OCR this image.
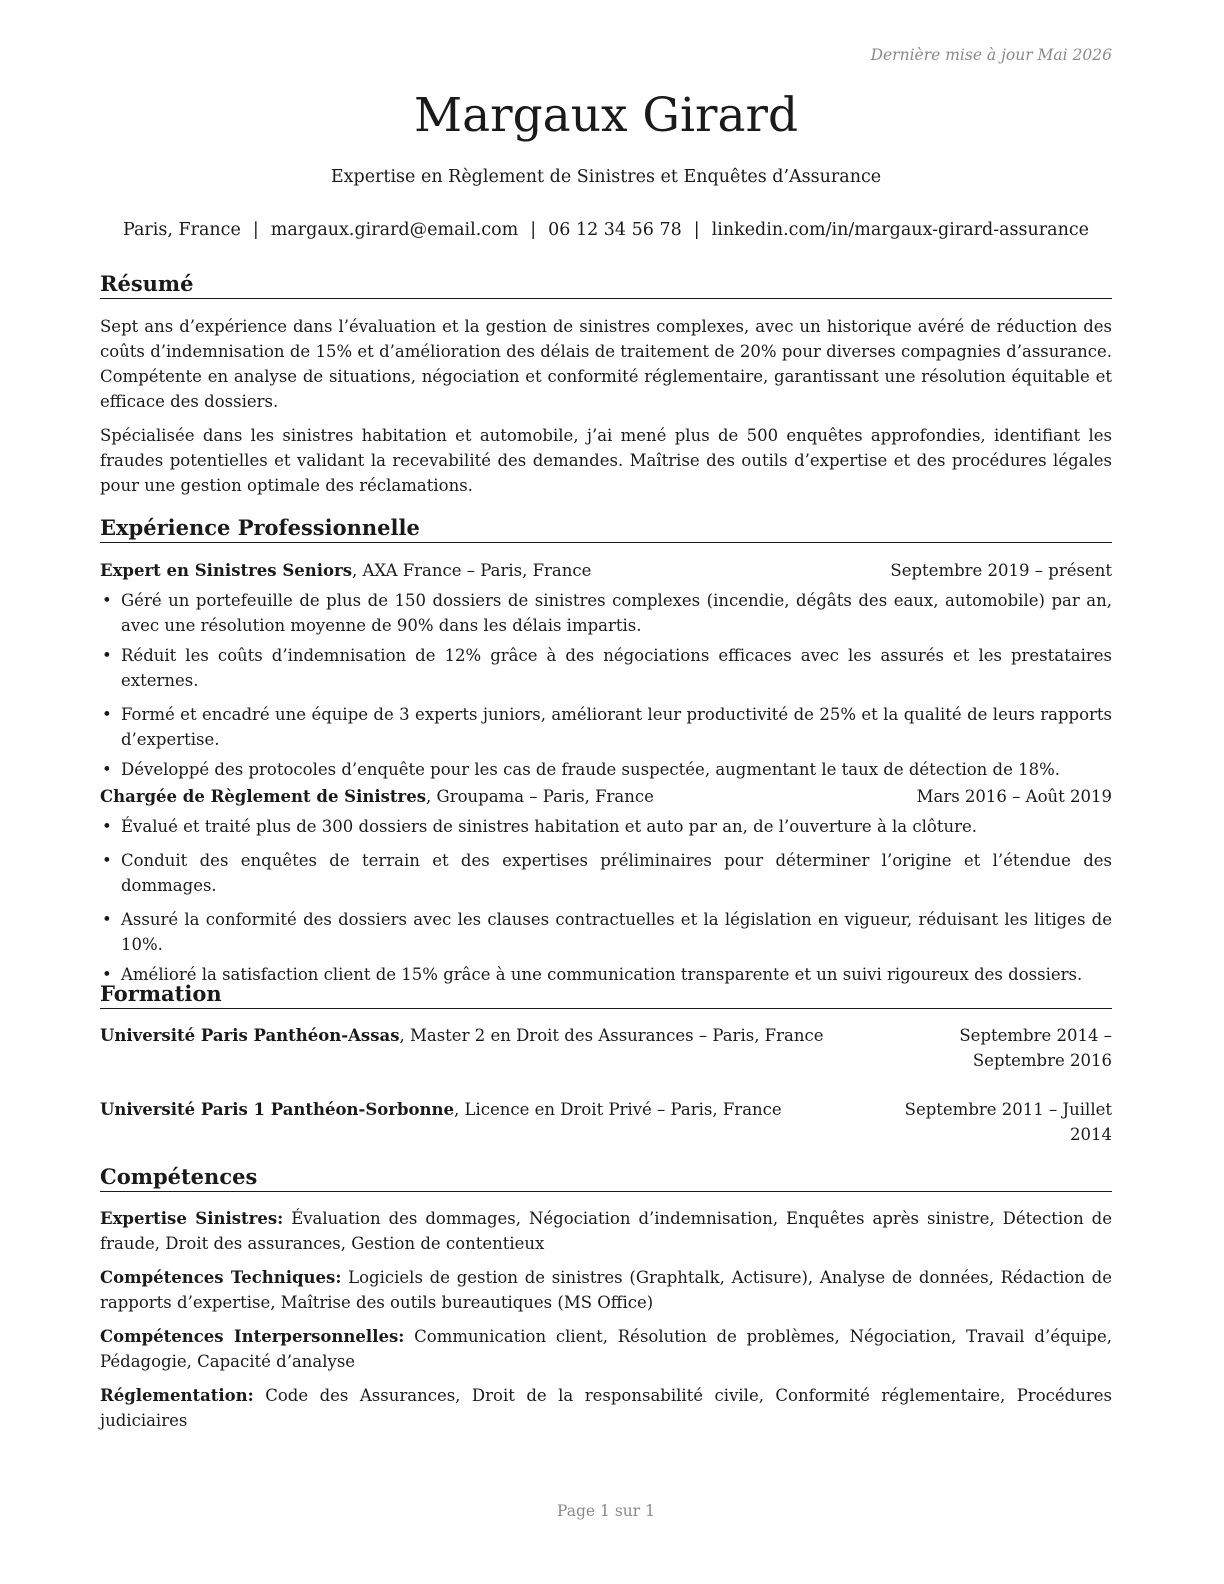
Dernière mise à jour Mai 2026
Margaux Girard
Expertise en Règlement de Sinistres et Enquêtes d’Assurance
Paris, France | margaux.girard@email.com | 06 12 34 56 78 | linkedin.com/in/margaux-girard-assurance
Résumé
Sept ans d’expérience dans l’évaluation et la gestion de sinistres complexes, avec un historique avéré de réduction des coûts d’indemnisation de 15% et d’amélioration des délais de traitement de 20% pour diverses compagnies d’assurance. Compétente en analyse de situations, négociation et conformité réglementaire, garantissant une résolution équitable et efficace des dossiers.
Spécialisée dans les sinistres habitation et automobile, j’ai mené plus de 500 enquêtes approfondies, identifiant les fraudes potentielles et validant la recevabilité des demandes. Maîtrise des outils d’expertise et des procédures légales pour une gestion optimale des réclamations.
Expérience Professionnelle
Expert en Sinistres Seniors, AXA France – Paris, France	Septembre 2019 – présent
• Géré un portefeuille de plus de 150 dossiers de sinistres complexes (incendie, dégâts des eaux, automobile) par an, avec une résolution moyenne de 90% dans les délais impartis.
• Réduit les coûts d’indemnisation de 12% grâce à des négociations efficaces avec les assurés et les prestataires externes.
• Formé et encadré une équipe de 3 experts juniors, améliorant leur productivité de 25% et la qualité de leurs rapports d’expertise.
• Développé des protocoles d’enquête pour les cas de fraude suspectée, augmentant le taux de détection de 18%.
Chargée de Règlement de Sinistres, Groupama – Paris, France	Mars 2016 – Août 2019
• Évalué et traité plus de 300 dossiers de sinistres habitation et auto par an, de l’ouverture à la clôture.
• Conduit des enquêtes de terrain et des expertises préliminaires pour déterminer l’origine et l’étendue des dommages.
• Assuré la conformité des dossiers avec les clauses contractuelles et la législation en vigueur, réduisant les litiges de 10%.
• Amélioré la satisfaction client de 15% grâce à une communication transparente et un suivi rigoureux des dossiers.
Formation
Université Paris Panthéon-Assas, Master 2 en Droit des Assurances – Paris, France	Septembre 2014 – Septembre 2016
Université Paris 1 Panthéon-Sorbonne, Licence en Droit Privé – Paris, France	Septembre 2011 – Juillet 2014
Compétences
Expertise Sinistres: Évaluation des dommages, Négociation d’indemnisation, Enquêtes après sinistre, Détection de fraude, Droit des assurances, Gestion de contentieux
Compétences Techniques: Logiciels de gestion de sinistres (Graphtalk, Actisure), Analyse de données, Rédaction de rapports d’expertise, Maîtrise des outils bureautiques (MS Office)
Compétences Interpersonnelles: Communication client, Résolution de problèmes, Négociation, Travail d’équipe, Pédagogie, Capacité d’analyse
Réglementation: Code des Assurances, Droit de la responsabilité civile, Conformité réglementaire, Procédures judiciaires
Page 1 sur 1
